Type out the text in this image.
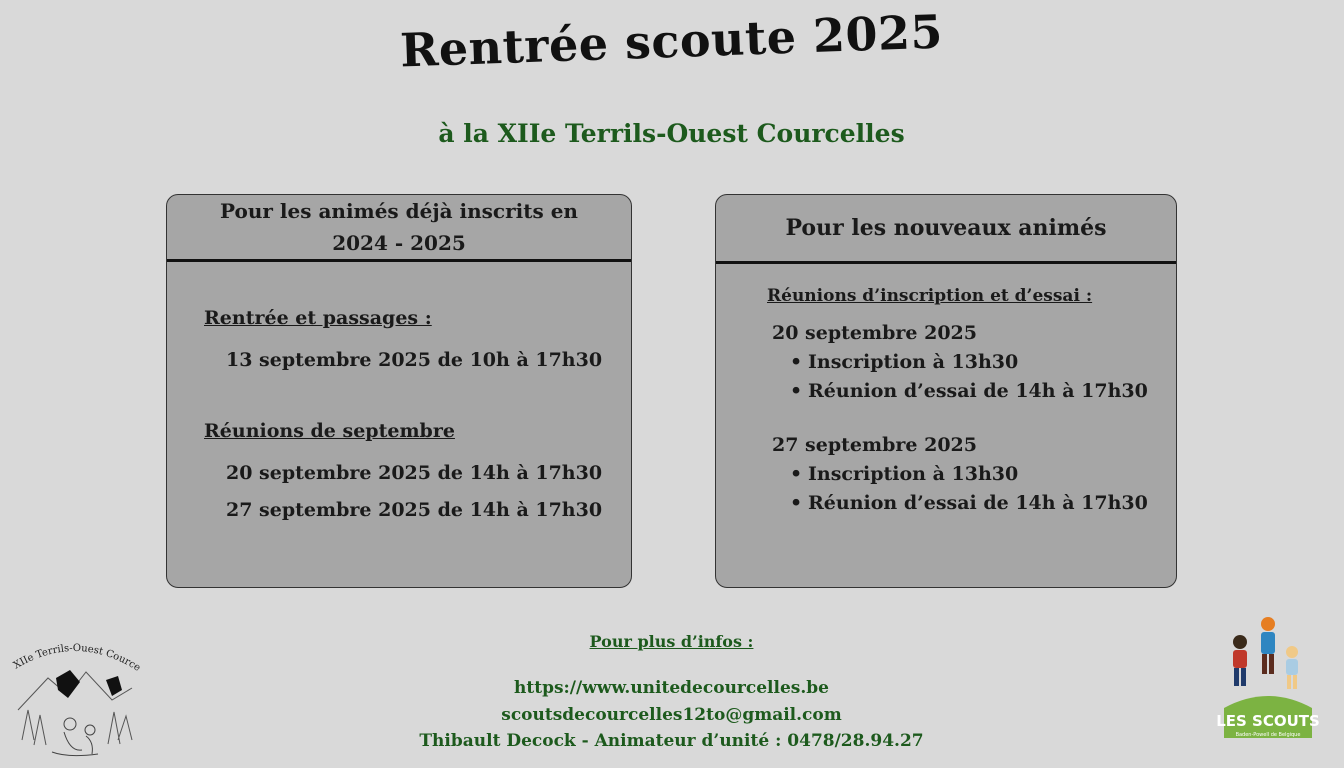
Rentrée scoute 2025
à la XIIe Terrils-Ouest Courcelles
Pour les animés déjà inscrits en 2024 - 2025
Rentrée et passages :
13 septembre 2025 de 10h à 17h30
Réunions de septembre
20 septembre 2025 de 14h à 17h30
27 septembre 2025 de 14h à 17h30
Pour les nouveaux animés
Réunions d’inscription et d’essai :
20 septembre 2025
• Inscription à 13h30
• Réunion d’essai de 14h à 17h30
27 septembre 2025
• Inscription à 13h30
• Réunion d’essai de 14h à 17h30
Pour plus d’infos :
https://www.unitedecourcelles.be
scoutsdecourcelles12to@gmail.com
Thibault Decock - Animateur d’unité : 0478/28.94.27
XIIe Terrils-Ouest Cource
LES SCOUTS
Baden-Powell de Belgique
